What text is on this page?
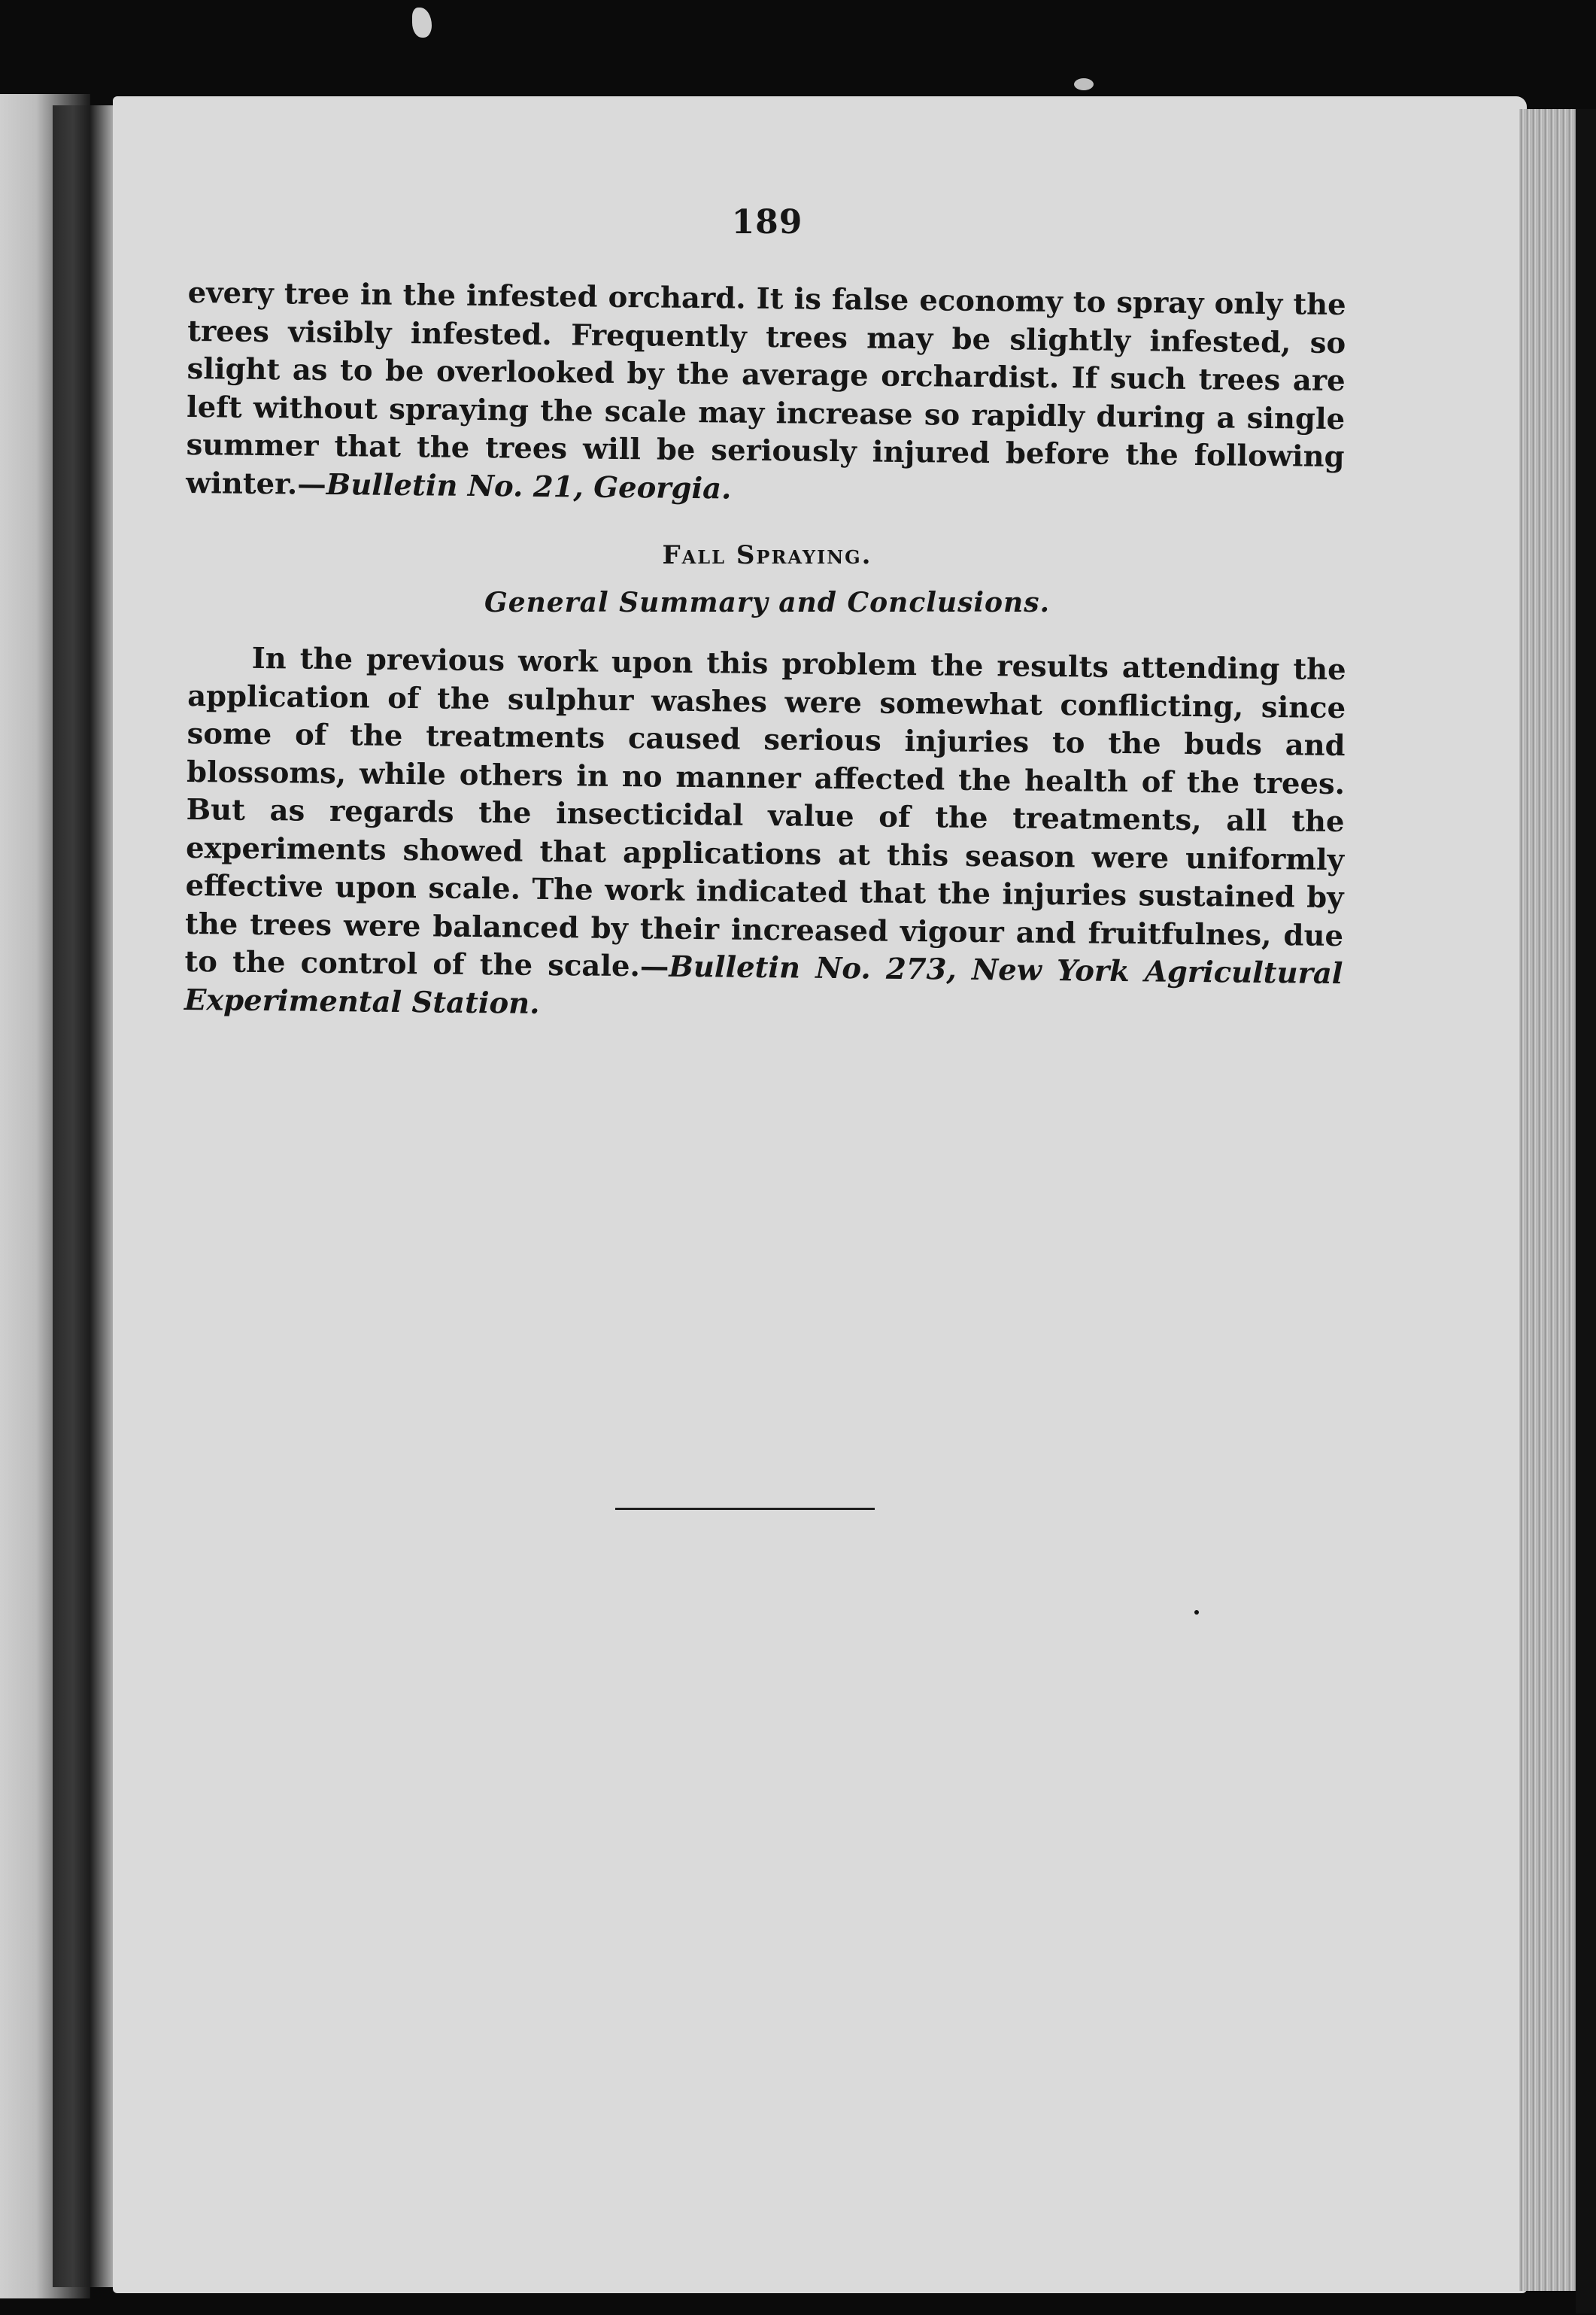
189
every tree in the infested orchard. It is false economy to spray only the trees visibly infested. Frequently trees may be slightly infested, so slight as to be overlooked by the average orchardist. If such trees are left without spraying the scale may increase so rapidly during a single summer that the trees will be seriously injured before the following winter.—Bulletin No. 21, Georgia.
Fall Spraying.
General Summary and Conclusions.
In the previous work upon this problem the results attending the application of the sulphur washes were somewhat conflicting, since some of the treatments caused serious injuries to the buds and blossoms, while others in no manner affected the health of the trees. But as regards the insecticidal value of the treatments, all the experiments showed that applications at this season were uniformly effective upon scale. The work indicated that the injuries sustained by the trees were balanced by their increased vigour and fruitfulnes, due to the control of the scale.—Bulletin No. 273, New York Agricultural Experimental Station.
